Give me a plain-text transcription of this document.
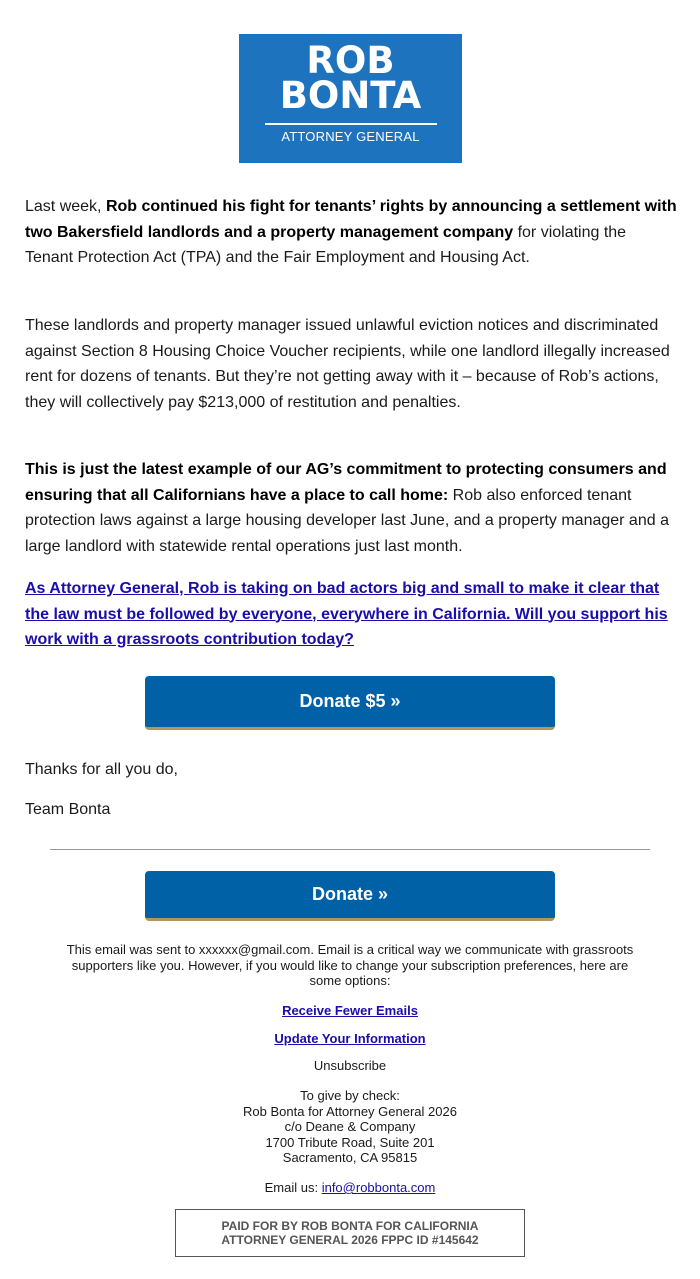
ROB
BONTA
ATTORNEY GENERAL

Last week, Rob continued his fight for tenants’ rights by announcing a settlement with two Bakersfield landlords and a property management company for violating the Tenant Protection Act (TPA) and the Fair Employment and Housing Act.

These landlords and property manager issued unlawful eviction notices and discriminated against Section 8 Housing Choice Voucher recipients, while one landlord illegally increased rent for dozens of tenants. But they’re not getting away with it – because of Rob’s actions, they will collectively pay $213,000 of restitution and penalties.

This is just the latest example of our AG’s commitment to protecting consumers and ensuring that all Californians have a place to call home: Rob also enforced tenant protection laws against a large housing developer last June, and a property manager and a large landlord with statewide rental operations just last month.

As Attorney General, Rob is taking on bad actors big and small to make it clear that the law must be followed by everyone, everywhere in California. Will you support his work with a grassroots contribution today?

Donate $5 »

Thanks for all you do,

Team Bonta

Donate »

This email was sent to xxxxxx@gmail.com. Email is a critical way we communicate with grassroots supporters like you. However, if you would like to change your subscription preferences, here are some options:

Receive Fewer Emails

Update Your Information

Unsubscribe

To give by check:
Rob Bonta for Attorney General 2026
c/o Deane & Company
1700 Tribute Road, Suite 201
Sacramento, CA 95815

Email us: info@robbonta.com

PAID FOR BY ROB BONTA FOR CALIFORNIA
ATTORNEY GENERAL 2026 FPPC ID #145642
